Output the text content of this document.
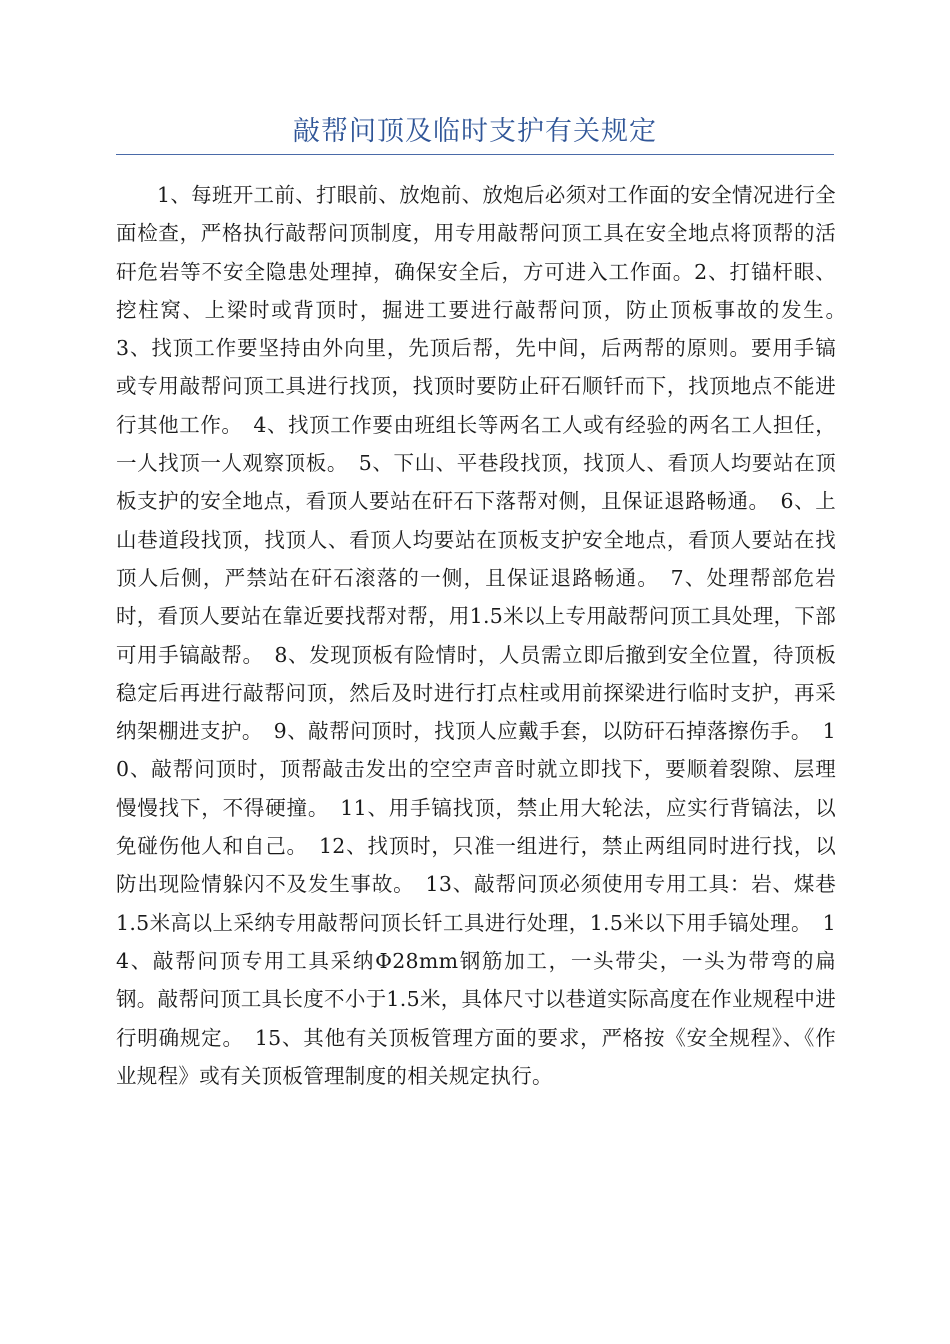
敲帮问顶及临时支护有关规定

1、每班开工前、打眼前、放炮前、放炮后必须对工作面的安全情况进行全面检查，严格执行敲帮问顶制度，用专用敲帮问顶工具在安全地点将顶帮的活矸危岩等不安全隐患处理掉，确保安全后，方可进入工作面。2、打锚杆眼、挖柱窝、上梁时或背顶时，掘进工要进行敲帮问顶，防止顶板事故的发生。　3、找顶工作要坚持由外向里，先顶后帮，先中间，后两帮的原则。要用手镐或专用敲帮问顶工具进行找顶，找顶时要防止矸石顺钎而下，找顶地点不能进行其他工作。　4、找顶工作要由班组长等两名工人或有经验的两名工人担任，一人找顶一人观察顶板。　5、下山、平巷段找顶，找顶人、看顶人均要站在顶板支护的安全地点，看顶人要站在矸石下落帮对侧，且保证退路畅通。　6、上山巷道段找顶，找顶人、看顶人均要站在顶板支护安全地点，看顶人要站在找顶人后侧，严禁站在矸石滚落的一侧，且保证退路畅通。　7、处理帮部危岩时，看顶人要站在靠近要找帮对帮，用1.5米以上专用敲帮问顶工具处理，下部可用手镐敲帮。　8、发现顶板有险情时，人员需立即后撤到安全位置，待顶板稳定后再进行敲帮问顶，然后及时进行打点柱或用前探梁进行临时支护，再采纳架棚进支护。　9、敲帮问顶时，找顶人应戴手套，以防矸石掉落擦伤手。　10、敲帮问顶时，顶帮敲击发出的空空声音时就立即找下，要顺着裂隙、层理慢慢找下，不得硬撞。　11、用手镐找顶，禁止用大轮法，应实行背镐法，以免碰伤他人和自己。　12、找顶时，只准一组进行，禁止两组同时进行找，以防出现险情躲闪不及发生事故。　13、敲帮问顶必须使用专用工具：岩、煤巷1.5米高以上采纳专用敲帮问顶长钎工具进行处理，1.5米以下用手镐处理。　14、敲帮问顶专用工具采纳Φ28mm钢筋加工，一头带尖，一头为带弯的扁钢。敲帮问顶工具长度不小于1.5米，具体尺寸以巷道实际高度在作业规程中进行明确规定。　15、其他有关顶板管理方面的要求，严格按《安全规程》、《作业规程》或有关顶板管理制度的相关规定执行。
